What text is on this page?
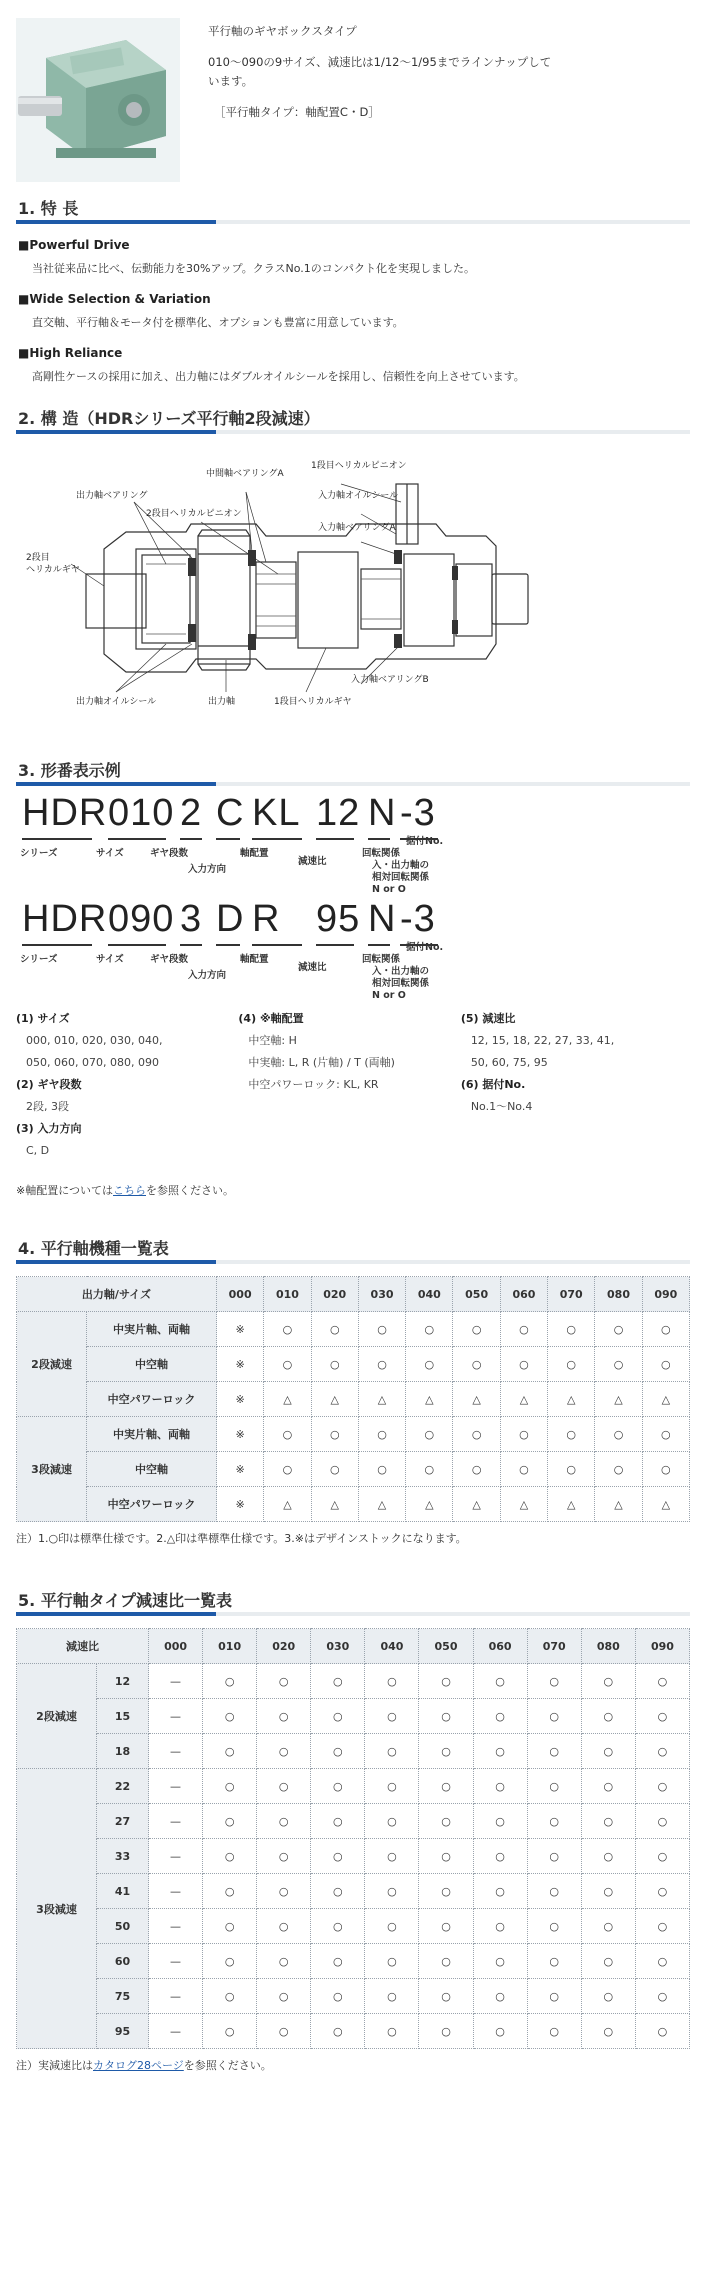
平行軸のギヤボックスタイプ

010〜090の9サイズ、減速比は1/12〜1/95までラインナップしています。

［平行軸タイプ：軸配置C・D］

1. 特 長
■Powerful Drive
当社従来品に比べ、伝動能力を30%アップ。クラスNo.1のコンパクト化を実現しました。
■Wide Selection & Variation
直交軸、平行軸＆モータ付を標準化、オプションも豊富に用意しています。
■High Reliance
高剛性ケースの採用に加え、出力軸にはダブルオイルシールを採用し、信頼性を向上させています。
2. 構 造（HDRシリーズ平行軸2段減速）
出力軸ベアリング
中間軸ベアリングA
2段目ヘリカルピニオン
1段目ヘリカルピニオン
入力軸オイルシール
入力軸ベアリングA
2段目
ヘリカルギヤ
出力軸オイルシール	出力軸	1段目ヘリカルギヤ
入力軸ベアリングB
3. 形番表示例
HDR 010 2 C KL 12 N -3
シリーズ	サイズ	ギヤ段数
入力方向
軸配置
減速比
回転関係
入・出力軸の
相対回転関係
N or O
据付No.
HDR 090 3 D R 95 N -3
シリーズ	サイズ	ギヤ段数
入力方向
軸配置
減速比
回転関係
入・出力軸の
相対回転関係
N or O
据付No.
(1) サイズ
000, 010, 020, 030, 040,
050, 060, 070, 080, 090
(2) ギヤ段数
2段, 3段
(3) 入力方向
C, D
(4) ※軸配置
中空軸: H
中実軸: L, R (片軸) / T (両軸)
中空パワーロック: KL, KR
(5) 減速比
12, 15, 18, 22, 27, 33, 41,
50, 60, 75, 95
(6) 据付No.
No.1〜No.4
※軸配置についてはこちらを参照ください。
4. 平行軸機種一覧表
出力軸/サイズ		000	010	020	030	040	050	060	070	080	090
2段減速	中実片軸、両軸	※	○	○	○	○	○	○	○	○	○
	中空軸	※	○	○	○	○	○	○	○	○	○
	中空パワーロック	※	△	△	△	△	△	△	△	△	△
3段減速	中実片軸、両軸	※	○	○	○	○	○	○	○	○	○
	中空軸	※	○	○	○	○	○	○	○	○	○
	中空パワーロック	※	△	△	△	△	△	△	△	△	△
注）1.○印は標準仕様です。2.△印は準標準仕様です。3.※はデザインストックになります。
5. 平行軸タイプ減速比一覧表
減速比		000	010	020	030	040	050	060	070	080	090
2段減速	12	—	○	○	○	○	○	○	○	○	○
	15	—	○	○	○	○	○	○	○	○	○
	18	—	○	○	○	○	○	○	○	○	○
3段減速	22	—	○	○	○	○	○	○	○	○	○
	27	—	○	○	○	○	○	○	○	○	○
	33	—	○	○	○	○	○	○	○	○	○
	41	—	○	○	○	○	○	○	○	○	○
	50	—	○	○	○	○	○	○	○	○	○
	60	—	○	○	○	○	○	○	○	○	○
	75	—	○	○	○	○	○	○	○	○	○
	95	—	○	○	○	○	○	○	○	○	○
注）実減速比はカタログ28ページを参照ください。
